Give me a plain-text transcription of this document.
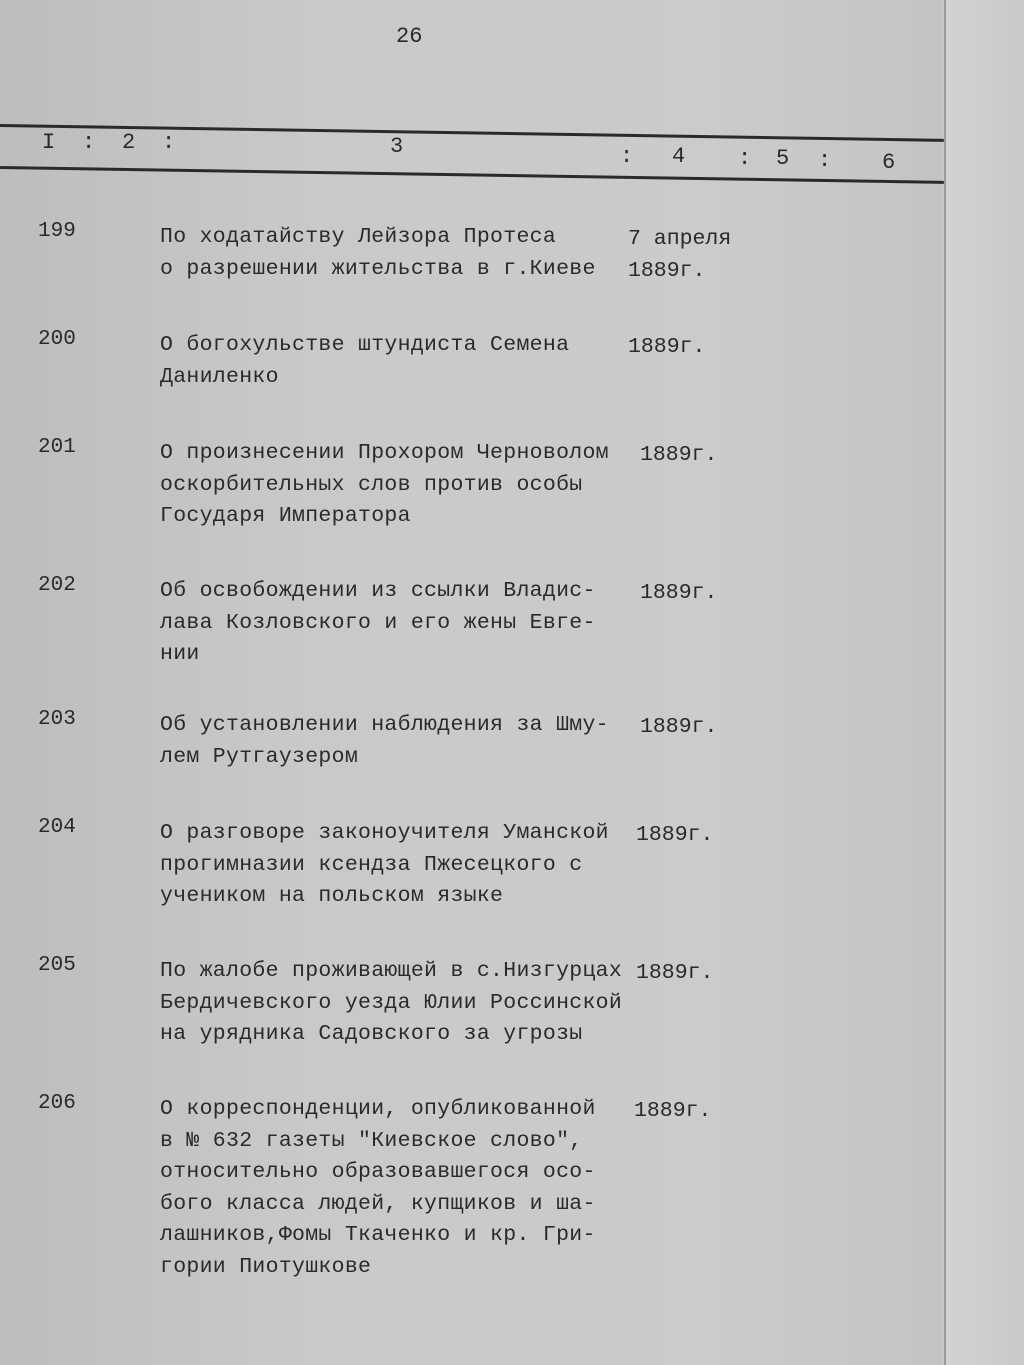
26
I : 2 :	3	: 4 : 5 : 6
199	По ходатайству Лейзора Протеса
о разрешении жительства в г.Киеве
7 апреля
1889г.
200	О богохульстве штундиста Семена
Даниленко
1889г.
201	О произнесении Прохором Черноволом
оскорбительных слов против особы
Государя Императора
1889г.
202	Об освобождении из ссылки Владис-
лава Козловского и его жены Евге-
нии
1889г.
203	Об установлении наблюдения за Шму-
лем Рутгаузером
1889г.
204	О разговоре законоучителя Уманской
прогимназии ксендза Пжесецкого с
учеником на польском языке
1889г.
205	По жалобе проживающей в с.Низгурцах
Бердичевского уезда Юлии Россинской
на урядника Садовского за угрозы
1889г.
206	О корреспонденции, опубликованной
в № 632 газеты "Киевское слово",
относительно образовавшегося осо-
бого класса людей, купщиков и ша-
лашников,Фомы Ткаченко и кр. Гри-
гории Пиотушкове
1889г.
